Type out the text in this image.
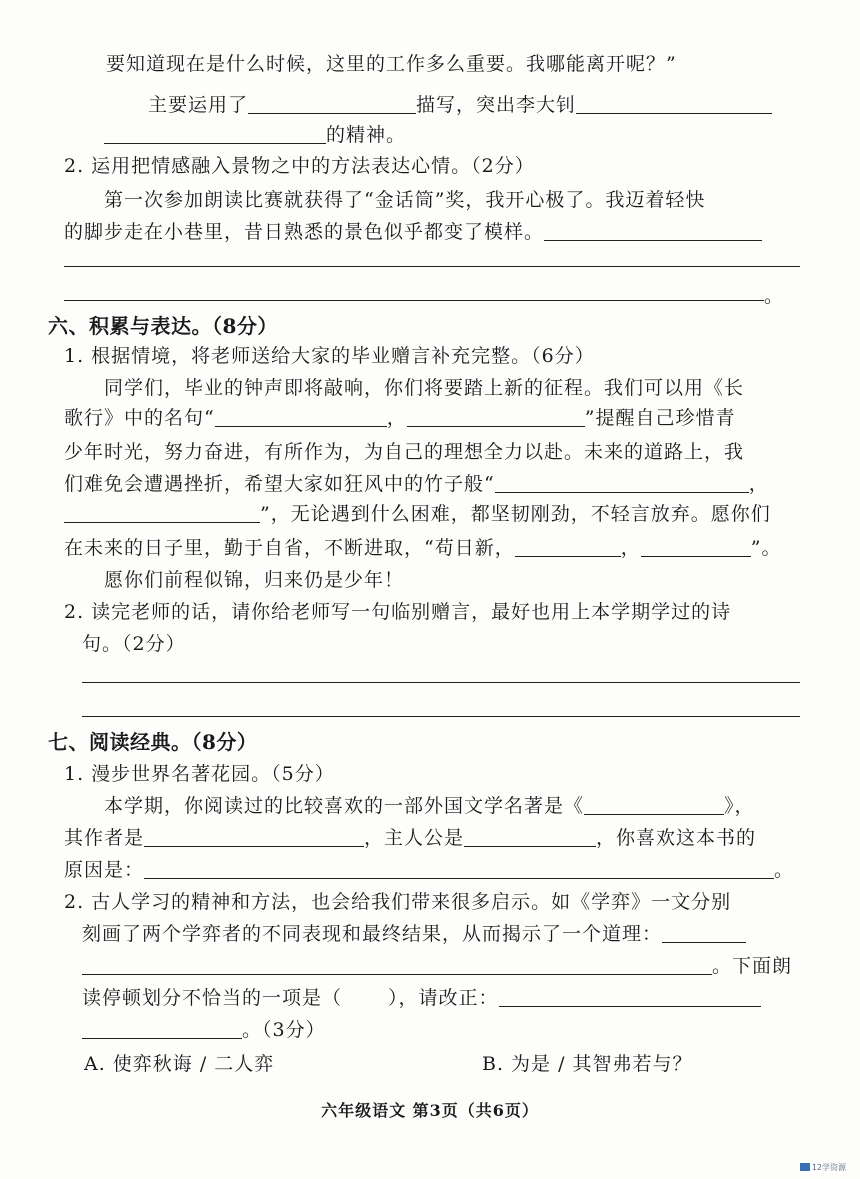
要知道现在是什么时候，这里的工作多么重要。我哪能离开呢？”
主要运用了	描写，突出李大钊
的精神。
2. 运用把情感融入景物之中的方法表达心情。（2分）
第一次参加朗读比赛就获得了“金话筒”奖，我开心极了。我迈着轻快
的脚步走在小巷里，昔日熟悉的景色似乎都变了模样。
。
六、积累与表达。（8分）
1. 根据情境，将老师送给大家的毕业赠言补充完整。（6分）
同学们，毕业的钟声即将敲响，你们将要踏上新的征程。我们可以用《长
歌行》中的名句“	，	”提醒自己珍惜青
少年时光，努力奋进，有所作为，为自己的理想全力以赴。未来的道路上，我
们难免会遭遇挫折，希望大家如狂风中的竹子般“	，
”，无论遇到什么困难，都坚韧刚劲，不轻言放弃。愿你们
在未来的日子里，勤于自省，不断进取，“苟日新，	，	”。
愿你们前程似锦，归来仍是少年！
2. 读完老师的话，请你给老师写一句临别赠言，最好也用上本学期学过的诗
句。（2分）
七、阅读经典。（8分）
1. 漫步世界名著花园。（5分）
本学期，你阅读过的比较喜欢的一部外国文学名著是《	》，
其作者是	，主人公是	，你喜欢这本书的
原因是：	。
2. 古人学习的精神和方法，也会给我们带来很多启示。如《学弈》一文分别
刻画了两个学弈者的不同表现和最终结果，从而揭示了一个道理：
。下面朗
读停顿划分不恰当的一项是（ ），请改正：
。（3分）
A. 使弈秋诲 / 二人弈	B. 为是 / 其智弗若与？
六年级语文 第3页（共6页）
12学资源
